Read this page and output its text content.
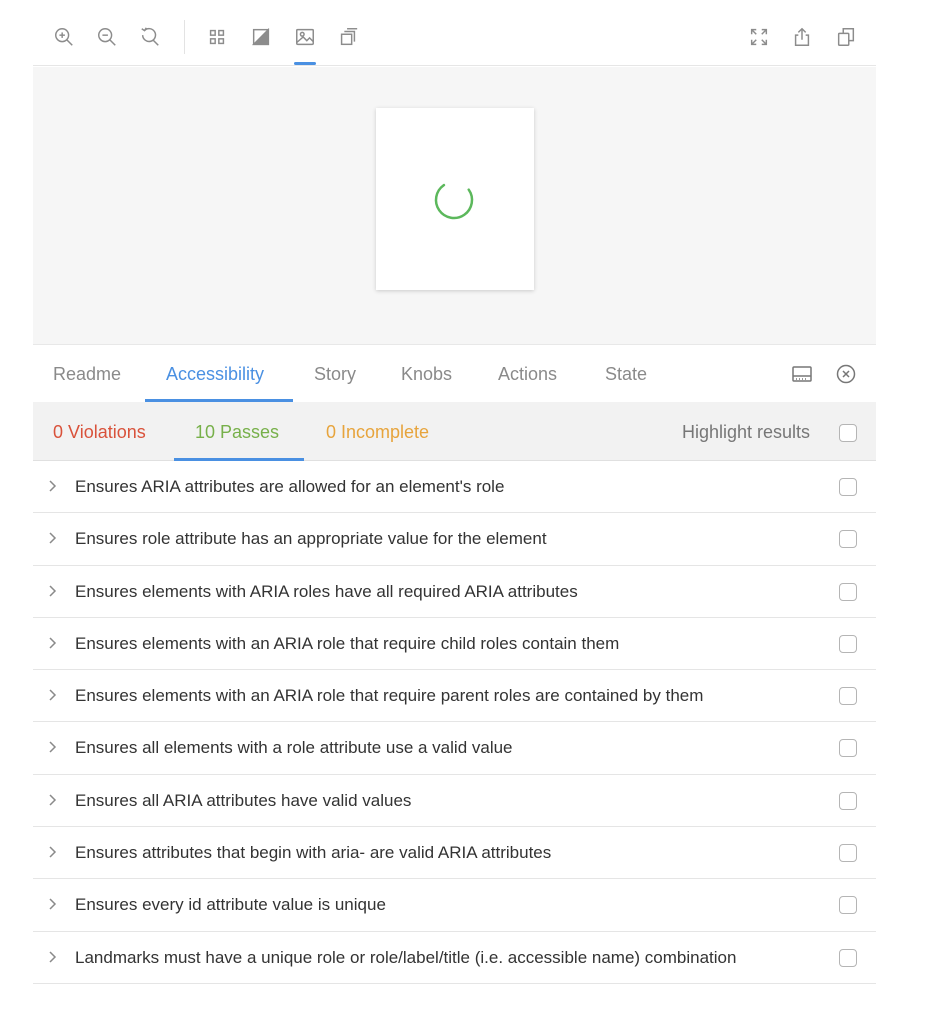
Readme Accessibility	Story Knobs	Actions	State
0 Violations	10 Passes	0 Incomplete	Highlight results
Ensures ARIA attributes are allowed for an element's role
Ensures role attribute has an appropriate value for the element
Ensures elements with ARIA roles have all required ARIA attributes
Ensures elements with an ARIA role that require child roles contain them
Ensures elements with an ARIA role that require parent roles are contained by them
Ensures all elements with a role attribute use a valid value
Ensures all ARIA attributes have valid values
Ensures attributes that begin with aria- are valid ARIA attributes
Ensures every id attribute value is unique
Landmarks must have a unique role or role/label/title (i.e. accessible name) combination
